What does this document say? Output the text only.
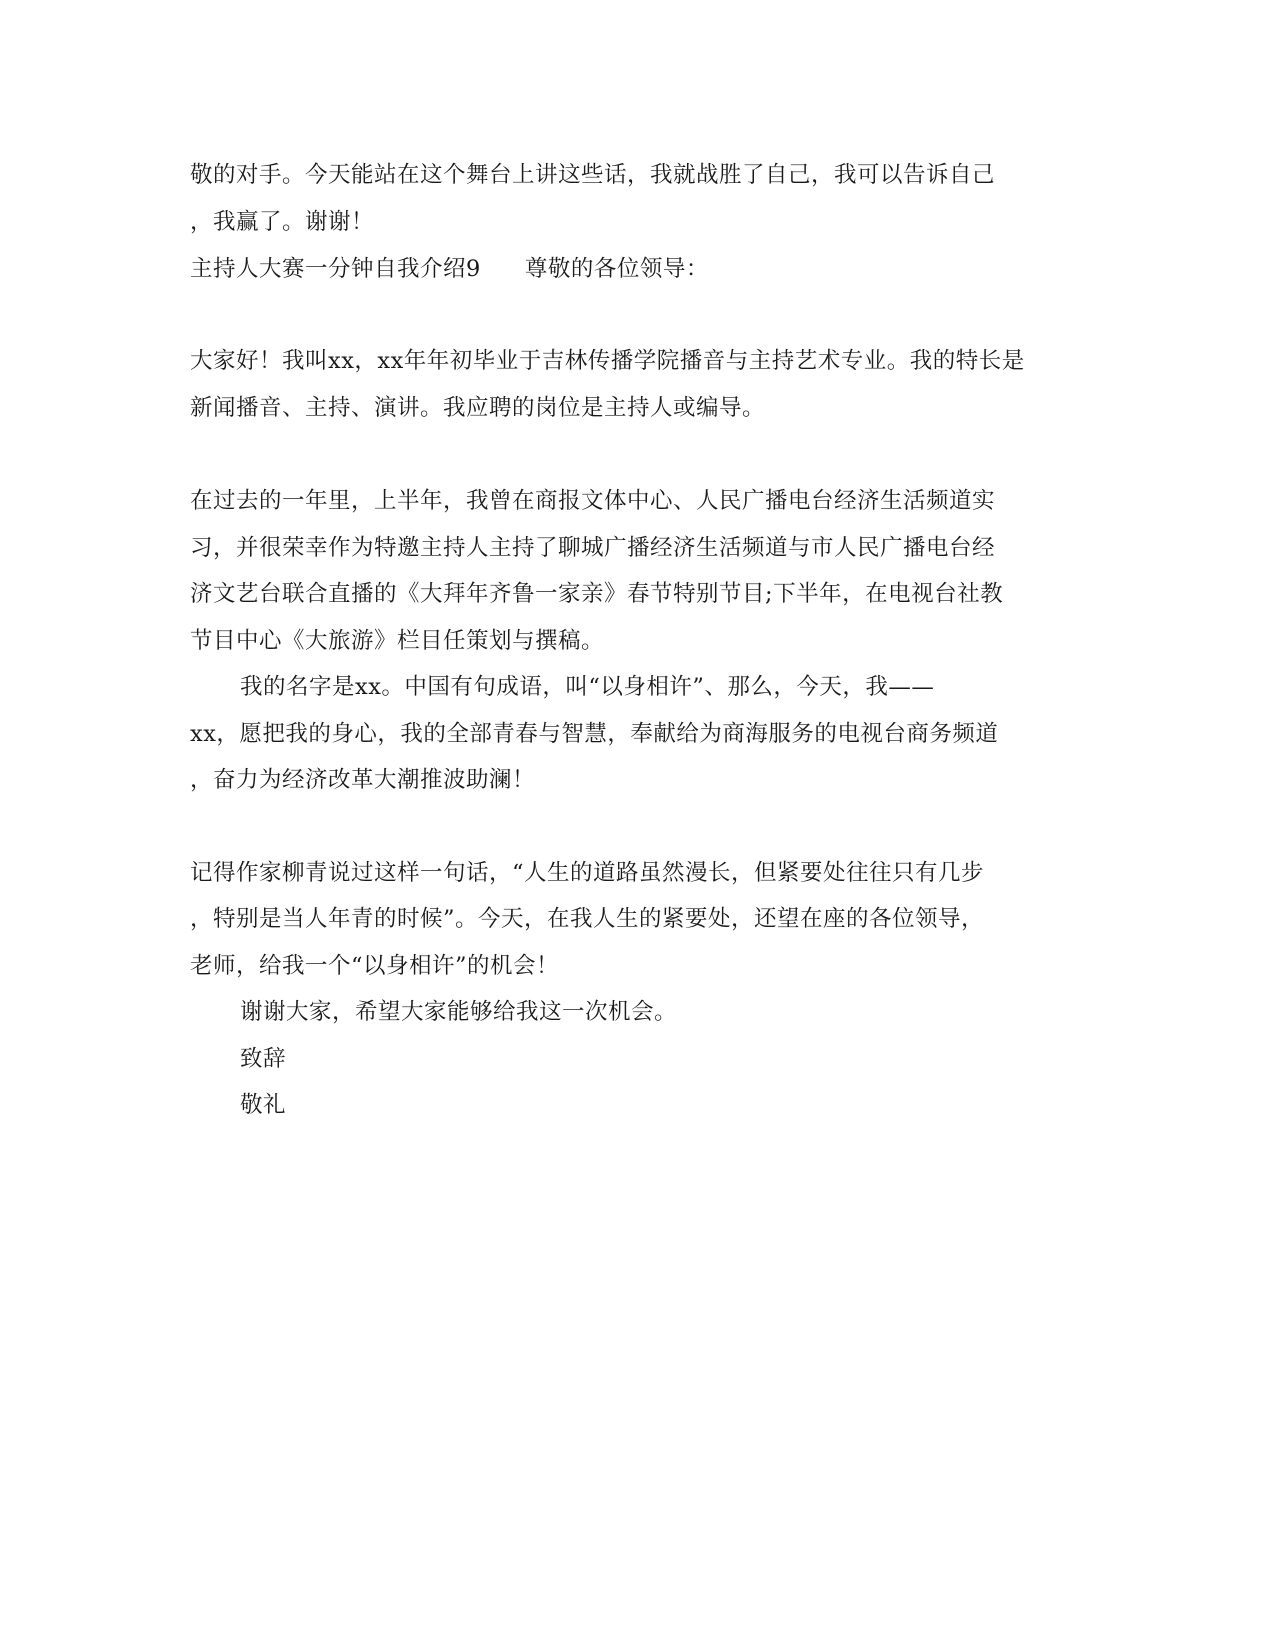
敬的对手。今天能站在这个舞台上讲这些话，我就战胜了自己，我可以告诉自己
，我赢了。谢谢！
主持人大赛一分钟自我介绍9 尊敬的各位领导：
大家好！我叫xx，xx年年初毕业于吉林传播学院播音与主持艺术专业。我的特长是
新闻播音、主持、演讲。我应聘的岗位是主持人或编导。
在过去的一年里，上半年，我曾在商报文体中心、人民广播电台经济生活频道实
习，并很荣幸作为特邀主持人主持了聊城广播经济生活频道与市人民广播电台经
济文艺台联合直播的《大拜年齐鲁一家亲》春节特别节目;下半年，在电视台社教
节目中心《大旅游》栏目任策划与撰稿。
我的名字是xx。中国有句成语，叫“以身相许”、那么，今天，我——
xx，愿把我的身心，我的全部青春与智慧，奉献给为商海服务的电视台商务频道
，奋力为经济改革大潮推波助澜！
记得作家柳青说过这样一句话，“人生的道路虽然漫长，但紧要处往往只有几步
，特别是当人年青的时候”。今天，在我人生的紧要处，还望在座的各位领导，
老师，给我一个“以身相许”的机会！
谢谢大家，希望大家能够给我这一次机会。
致辞
敬礼
